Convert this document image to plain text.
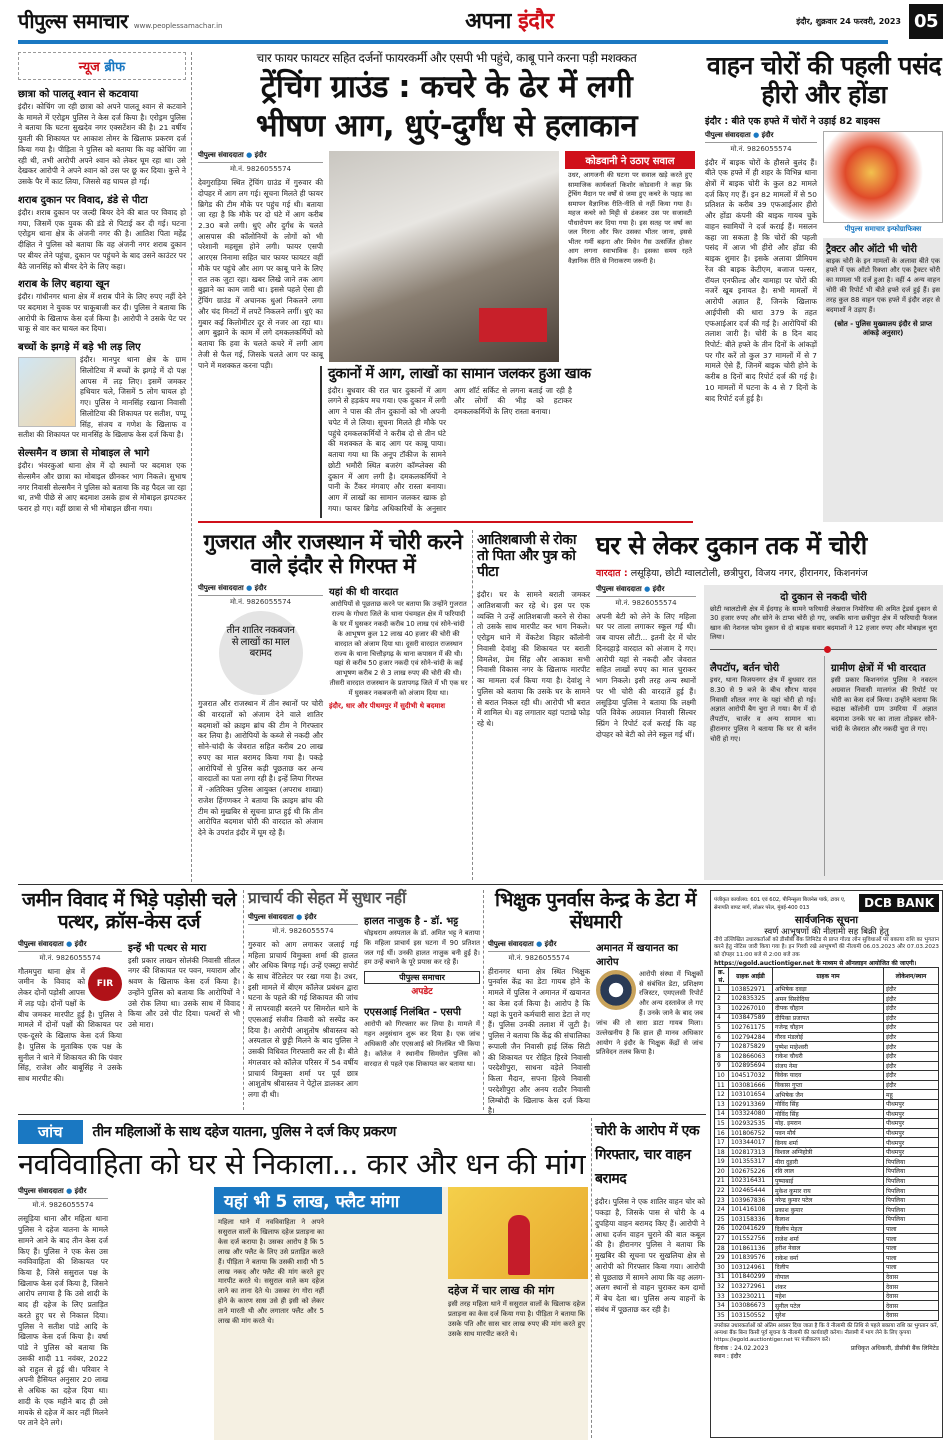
पीपुल्स समाचार www.peoplessamachar.in	अपना इंदौर	इंदौर, शुक्रवार 24 फरवरी, 2023 05
न्यूज ब्रीफ
छात्रा को पालतू श्वान से कटवाया
इंदौर। कोचिंग जा रही छात्रा को अपने पालतू श्वान से कटवाने के मामले में एरोड्रम पुलिस ने केस दर्ज किया है। एरोड्रम पुलिस ने बताया कि घटना सुखदेव नगर एक्सटेंशन की है। 21 वर्षीय युवती की शिकायत पर आकाश तोमर के खिलाफ प्रकरण दर्ज किया गया है। पीड़िता ने पुलिस को बताया कि वह कोचिंग जा रही थी, तभी आरोपी अपने श्वान को लेकर घूम रहा था। उसे देखकर आरोपी ने अपने श्वान को उस पर छू कर दिया। कुत्ते ने उसके पैर में काट लिया, जिससे वह घायल हो गई।
शराब दुकान पर विवाद, डंडे से पीटा
इंदौर। शराब दुकान पर जल्दी बियर देने की बात पर विवाद हो गया, जिसमें एक युवक की डंडे से पिटाई कर दी गई। घटना एरोड्रम थाना क्षेत्र के अंजनी नगर की है। आतिश पिता महेंद्र दीक्षित ने पुलिस को बताया कि वह अंजनी नगर शराब दुकान पर बीयर लेने पहुंचा, दुकान पर पहुंचने के बाद उसने काउंटर पर बैठे जानसिंह को बीयर देने के लिए कहा।
शराब के लिए बहाया खून
इंदौर। गांधीनगर थाना क्षेत्र में शराब पीने के लिए रुपए नहीं देने पर बदमाश ने युवक पर चाकूबाजी कर दी। पुलिस ने बताया कि आरोपी के खिलाफ केस दर्ज किया है। आरोपी ने उसके पेट पर चाकू से वार कर घायल कर दिया।
बच्चों के झगड़े में बड़े भी लड़ लिए
इंदौर। मानपुर थाना क्षेत्र के ग्राम सिलोटिया में बच्चों के झगड़े में दो पक्ष आपस में लड़ लिए। इसमें जमकर हथियार चले, जिसमें 5 लोग घायल हो गए। पुलिस ने मानसिंह रखाना निवासी सिलोटिया की शिकायत पर सतीश, पप्पू सिंह, संजय व गणेश के खिलाफ व सतीश की शिकायत पर मानसिंह के खिलाफ केस दर्ज किया है।
सेल्समैन व छात्रा से मोबाइल ले भागे
इंदौर। भंवरकुआं थाना क्षेत्र में दो स्थानों पर बदमाश एक सेल्समैन और छात्रा का मोबाइल छीनकर भाग निकले। सुभाष नगर निवासी सेल्समैन ने पुलिस को बताया कि वह पैदल जा रहा था, तभी पीछे से आए बदमाश उसके हाथ से मोबाइल झपटकर फरार हो गए। वहीं छात्रा से भी मोबाइल छीना गया।
चार फायर फायटर सहित दर्जनों फायरकर्मी और एसपी भी पहुंचे, काबू पाने करना पड़ी मशक्कत
ट्रेंचिंग ग्राउंड : कचरे के ढेर में लगी
भीषण आग, धुएं-दुर्गंध से हलाकान
पीपुल्स संवाददाता ● इंदौर
मो.नं. 9826055574
देवगुराड़िया स्थित ट्रेंचिंग ग्राउंड में गुरुवार की दोपहर में आग लग गई। सूचना मिलते ही फायर ब्रिगेड की टीम मौके पर पहुंच गई थी। बताया जा रहा है कि मौके पर दो घंटे में आग करीब 2.30 बजे लगी। धुएं और दुर्गंध के चलते आसपास की कॉलोनियों के लोगों को भी परेशानी महसूस होने लगी। फायर एसपी आरएस निनामा सहित चार फायर फायटर वहीं मौके पर पहुंचे और आग पर काबू पाने के लिए रात तक जुटा रहा। खबर लिखे जाने तक आग बुझाने का काम जारी था। इससे पहले ऐसा ही ट्रेंचिंग ग्राउंड में अचानक धुआं निकलने लगा और चंद मिनटों में लपटें निकलने लगीं। धुएं का गुबार कई किलोमीटर दूर से नजर आ रहा था। आग बुझाने के काम में लगे दमकलकर्मियों को बताया कि हवा के चलते कचरे में लगी आग तेजी से फैल गई, जिसके चलते आग पर काबू पाने में मशक्कत करना पड़ी।
कोडवानी ने उठाए सवाल
उधर, आगजनी की घटना पर सवाल खड़े करते हुए सामाजिक कार्यकर्ता किशोर कोडवानी ने कहा कि ट्रेंचिंग मैदान पर वर्षों से जमा हुए कचरे के पहाड़ का समापन वैज्ञानिक रीति-नीति से नहीं किया गया है। महज कचरे को मिट्टी से ढंककर उस पर सजावटी पौधारोपण कर दिया गया है। इस सतह पर वर्षा का जल गिरना और फिर उसका भीतर जाना, इससे भीतर गर्मी बढ़ना और मिथेन गैस उत्सर्जित होकर आग लगना स्वाभाविक है। इसका समय रहते वैज्ञानिक रीति से निराकरण जरूरी है।
दुकानों में आग, लाखों का सामान जलकर हुआ खाक
इंदौर। बुधवार की रात चार दुकानों में आग लगने से हड़कंप मच गया। एक दुकान में लगी आग ने पास की तीन दुकानों को भी अपनी चपेट में ले लिया। सूचना मिलते ही मौके पर पहुंचे दमकलकर्मियों ने करीब दो से तीन घंटे की मशक्कत के बाद आग पर काबू पाया। बताया गया था कि अनूप टॉकीज के सामने छोटी भमौरी स्थित बजरंग कॉम्प्लेक्स की दुकान में आग लगी है। दमकलकर्मियों ने पानी के टैंकर मंगवाए और रास्ता बनाया। आग में लाखों का सामान जलकर खाक हो गया। फायर ब्रिगेड अधिकारियों के अनुसार आग शॉर्ट सर्किट से लगना बताई जा रही है और लोगों की भीड़ को हटाकर दमकलकर्मियों के लिए रास्ता बनाया।
वाहन चोरों की पहली पसंद हीरो और होंडा
इंदौर : बीते एक हफ्ते में चोरों ने उड़ाई 82 बाइक्स
पीपुल्स संवाददाता ● इंदौर
मो.नं. 9826055574
इंदौर में बाइक चोरों के हौसले बुलंद हैं। बीते एक हफ्ते में ही शहर के विभिन्न थाना क्षेत्रों में बाइक चोरी के कुल 82 मामले दर्ज किए गए हैं। इन 82 मामलों में से 50 प्रतिशत के करीब 39 एफआईआर हीरो और होंडा कंपनी की बाइक गायब चुके वाहन स्वामियों ने दर्ज कराई हैं। मसलन कहा जा सकता है कि चोरों की पहली पसंद में आज भी हीरो और होंडा की बाइक शुमार है। इसके अलावा प्रीमियम रेंज की बाइक केटीएम, बजाज पल्सर, रॉयल एनफील्ड और यामाहा पर चोरों की नजरें खूब इनायत है। सभी मामलों में आरोपी अज्ञात हैं, जिनके खिलाफ आईपीसी की धारा 379 के तहत एफआईआर दर्ज की गई है। आरोपियों की तलाश जारी है। चोरी के 8 दिन बाद रिपोर्ट: बीते हफ्ते के तीन दिनों के आंकड़ों पर गौर करें तो कुल 37 मामलों में से 7 मामले ऐसे हैं, जिनमें बाइक चोरी होने के करीब 8 दिनों बाद रिपोर्ट दर्ज की गई है। 10 मामलों में घटना के 4 से 7 दिनों के बाद रिपोर्ट दर्ज हुई है।
पीपुल्स समाचार इन्फोग्राफिक्स
ट्रैक्टर और ऑटो भी चोरी
बाइक चोरी के इन मामलों के अलावा बीते एक हफ्ते में एक ऑटो रिक्शा और एक ट्रैक्टर चोरी का मामला भी दर्ज हुआ है। वहीं 4 अन्य वाहन चोरी की रिपोर्ट भी बीते हफ्ते दर्ज हुई हैं। इस तरह कुल 88 वाहन एक हफ्ते में इंदौर शहर से बदमाशों ने उड़ाए हैं।
(स्रोत - पुलिस मुख्यालय इंदौर से प्राप्त आंकड़े अनुसार)
गुजरात और राजस्थान में चोरी करने वाले इंदौर से गिरफ्त में
पीपुल्स संवाददाता ● इंदौर
मो.नं. 9826055574
तीन शातिर नकबजन से लाखों का माल बरामद
गुजरात और राजस्थान में तीन स्थानों पर चोरी की वारदातों को अंजाम देने वाले शातिर बदमाशों को क्राइम ब्रांच की टीम ने गिरफ्तार कर लिया है। आरोपियों के कब्जे से नकदी और सोने-चांदी के जेवरात सहित करीब 20 लाख रुपए का माल बरामद किया गया है। पकड़े आरोपियों से पुलिस कड़ी पूछताछ कर अन्य वारदातों का पता लगा रही है। इन्हें लिया गिरफ्त में -अतिरिक्त पुलिस आयुक्त (अपराध शाखा) राजेश हिंगणकर ने बताया कि क्राइम ब्रांच की टीम को मुखबिर से सूचना प्राप्त हुई थी कि तीन आरोपित बदमाश चोरी की वारदात को अंजाम देने के उपरांत इंदौर में घूम रहे हैं।
यहां की थी वारदात
आरोपियों से पूछताछ करने पर बताया कि उन्होंने गुजरात राज्य के गोधरा जिले के थाना पंचमहल क्षेत्र में फरियादी के घर में घुसकर नकदी करीब 10 लाख एवं सोने-चांदी के आभूषण कुल 12 लाख 40 हजार की चोरी की वारदात को अंजाम दिया था। दूसरी वारदात राजस्थान राज्य के थाना चित्तौड़गढ़ के थाना कपासन में की थी। यहां से करीब 50 हजार नकदी एवं सोने-चांदी के कई आभूषण करीब 2 से 3 लाख रुपए की चोरी की थी। तीसरी वारदात राजस्थान के प्रतापगढ़ जिले में भी एक घर में घुसकर नकबजनी को अंजाम दिया था।
इंदौर, धार और पीथमपुर में सुदीभी थे बदमाश
आतिशबाजी से रोका तो पिता और पुत्र को पीटा
इंदौर। घर के सामने बराती जमकर आतिशबाजी कर रहे थे। इस पर एक व्यक्ति ने उन्हें आतिशबाजी करने से रोका तो उसके साथ मारपीट कर भाग निकले। एरोड्रम थाने में वेंकटेश विहार कॉलोनी निवासी देवांशु की शिकायत पर बराती विमलेश, प्रेम सिंह और आकाश सभी निवासी विकास नगर के खिलाफ मारपीट का मामला दर्ज किया गया है। देवांशु ने पुलिस को बताया कि उसके घर के सामने से बरात निकल रही थी। आरोपी भी बरात में शामिल थे। वह लगातार यहां पटाखे फोड़ रहे थे।
घर से लेकर दुकान तक में चोरी
वारदात : लसूड़िया, छोटी ग्वालटोली, छत्रीपुरा, विजय नगर, हीरानगर, किशनगंज
पीपुल्स संवाददाता ● इंदौर
मो.नं. 9826055574
अपनी बेटी को लेने के लिए महिला घर पर ताला लगाकर स्कूल गई थी। जब वापस लौटी... इतनी देर में चोर दिनदहाड़े वारदात को अंजाम दे गए। आरोपी यहां से नकदी और जेवरात सहित लाखों रुपए का माल चुराकर भाग निकले। इसी तरह अन्य स्थानों पर भी चोरी की वारदातें हुई हैं। लसूड़िया पुलिस ने बताया कि लक्ष्मी पति विवेक अग्रवाल निवासी सिल्वर स्प्रिंग ने रिपोर्ट दर्ज कराई कि वह दोपहर को बेटी को लेने स्कूल गई थीं।
दो दुकान से नकदी चोरी
छोटी ग्वालटोली क्षेत्र में ईदगाह के सामने फरियादी लेखराज निमोरिया की अमित ट्रेडर्स दुकान से 30 हजार रुपए और सोने के टाप्स चोरी हो गए, जबकि थाना छत्रीपुरा क्षेत्र में फरियादी फैजल खान की नेशनल फोम दुकान से दो बाइक सवार बदमाशों ने 12 हजार रुपए और मोबाइल चुरा लिया।
लैपटॉप, बर्तन चोरी
इधर, थाना विजयनगर क्षेत्र में बुधवार रात 8.30 से 9 बजे के बीच सौरभ यादव निवासी शीतल नगर के यहां चोरी हो गई। अज्ञात आरोपी बैग चुरा ले गया। बैग में दो लैपटॉप, चार्जर व अन्य सामान था। हीरानगर पुलिस ने बताया कि घर से बर्तन चोरी हो गए।
ग्रामीण क्षेत्रों में भी वारदात
इसी प्रकार किशनगंज पुलिस ने नवरत्न अग्रवाल निवासी मालगंज की रिपोर्ट पर चोरी का केस दर्ज किया। उन्होंने बताया कि रुद्राक्ष कॉलोनी ग्राम उमरिया में अज्ञात बदमाश उनके घर का ताला तोड़कर सोने-चांदी के जेवरात और नकदी चुरा ले गए।
जमीन विवाद में भिड़े पड़ोसी चले पत्थर, क्रॉस-केस दर्ज
पीपुल्स संवाददाता ● इंदौर
मो.नं. 9826055574
FIR
गौतमपुरा थाना क्षेत्र में जमीन के विवाद को लेकर दोनों पड़ोसी आपस में लड़ पड़े। दोनों पक्षों के बीच जमकर मारपीट हुई है। पुलिस ने मामले में दोनों पक्षों की शिकायत पर एक-दूसरे के खिलाफ केस दर्ज किया है। पुलिस के मुताबिक एक पक्ष के सुनील ने थाने में शिकायत की कि पंवार सिंह, राजेश और बाबूसिंह ने उसके साथ मारपीट की।
इन्हें भी पत्थर से मारा
इसी प्रकार लाखन सोलंकी निवासी सीतल नगर की शिकायत पर पवन, मयाराम और श्रवण के खिलाफ केस दर्ज किया है। उन्होंने पुलिस को बताया कि आरोपियों ने उसे रोक लिया था। उसके साथ में विवाद किया और उसे पीट दिया। पत्थरों से भी उसे मारा।
प्राचार्य की सेहत में सुधार नहीं
पीपुल्स संवाददाता ● इंदौर
मो.नं. 9826055574
गुरुवार को आग लगाकर जलाई गई महिला प्राचार्य विमुक्ता शर्मा की हालत और अधिक बिगड़ गई। उन्हें एक्स्ट्रा सपोर्ट के साथ वेंटिलेटर पर रखा गया है। उधर, इसी मामले में बीएम कॉलेज प्रबंधन द्वारा घटना के पहले की गई शिकायत की जांच में लापरवाही बरतने पर सिमरोल थाने के एएसआई संजीव तिवारी को सस्पेंड कर दिया है। आरोपी आशुतोष श्रीवास्तव को अस्पताल से छुट्टी मिलने के बाद पुलिस ने उसकी विधिवत गिरफ्तारी कर ली है। बीते मंगलवार को कॉलेज परिसर में 54 वर्षीय प्राचार्य विमुक्ता शर्मा पर पूर्व छात्र आशुतोष श्रीवास्तव ने पेट्रोल डालकर आग लगा दी थी।
हालत नाजुक है - डॉ. भट्ट
चोइथराम अस्पताल के डॉ. अमित भट्ट ने बताया कि महिला प्राचार्य इस घटना में 90 प्रतिशत जल गई थीं। उनकी हालत नाजुक बनी हुई है। हम उन्हें बचाने के पूरे प्रयास कर रहे हैं।
पीपुल्स समाचार
अपडेट
एएसआई निलंबित - एसपी
आरोपी को गिरफ्तार कर लिया है। मामले में गहन अनुसंधान शुरू कर दिया है। एक जांच अधिकारी और एएसआई को निलंबित भी किया है। कॉलेज ने स्थानीय सिमरोल पुलिस को वारदात से पहले एक शिकायत कर बताया था।
भिक्षुक पुनर्वास केन्द्र के डेटा में सेंधमारी
पीपुल्स संवाददाता ● इंदौर
मो.नं. 9826055574
हीरानगर थाना क्षेत्र स्थित भिक्षुक पुनर्वास केंद्र का डेटा गायब होने के मामले में पुलिस ने अमानत में खयानत का केस दर्ज किया है। आरोप है कि यहां के पुराने कर्मचारी सारा डेटा ले गए हैं। पुलिस उनकी तलाश में जुटी है। पुलिस ने बताया कि केंद्र की संचालिका रूपाली जैन निवासी हाई लिंक सिटी की शिकायत पर रोहित हिरवे निवासी परदेशीपुरा, साधना वड़ेले निवासी किला मैदान, सपना हिरवे निवासी परदेशीपुरा और अनय राठौर निवासी लिम्बोदी के खिलाफ केस दर्ज किया है।
अमानत में खयानत का आरोप
आरोपी संस्था में भिक्षुकों से संबंधित डेटा, प्रशिक्षण रजिस्टर, एमएलसी रिपोर्ट और अन्य दस्तावेज ले गए हैं। उनके जाने के बाद जब जांच की तो सारा डाटा गायब मिला। उल्लेखनीय है कि हाल ही मानव अधिकार आयोग ने इंदौर के भिक्षुक केंद्रों से जांच प्रतिवेदन तलब किया है।
पंजीकृत कार्यालय: 601 एवं 602, पीनिन्सुला बिजनेस पार्क, टावर ए, सेनापति बापट मार्ग, लोअर परेल, मुंबई-400 013	DCB BANK
सार्वजनिक सूचना
स्वर्ण आभूषणों की नीलामी सह बिक्री हेतु
नीचे उल्लिखित उधारकर्ताओं को डीसीबी बैंक लिमिटेड से प्राप्त गोल्ड लोन सुविधाओं पर बकाया राशि का भुगतान करने हेतु नोटिस जारी किया गया है। इन गिरवी रखे आभूषणों की नीलामी 06.03.2023 और 07.03.2023 को दोपहर 11:00 बजे से 2:00 बजे तक
https://egold.auctiontiger.net के माध्यम से ऑनलाइन आयोजित की जाएगी।
क्र. सं.	ग्राहक आईडी	ग्राहक नाम	लोकेशन/स्थान
1	103852971	अभिषेक दवड़ा	इंदौर
2	102835325	अमन सिसोदिया	इंदौर
3	102267010	दीपक चौहान	इंदौर
4	103847589	दीपिका प्रजापत	इंदौर
5	102761175	गजेन्द्र चौहान	इंदौर
6	102794284	गौरव मंडलोई	इंदौर
7	102875829	पुष्पेश माहेश्वरी	इंदौर
8	102866063	राकेश चौधरी	इंदौर
9	102895694	संजय नेमा	इंदौर
10	104517032	विवेक यादव	इंदौर
11	103081666	विकास गुप्ता	इंदौर
12	103101654	अभिषेक जैन	महू
13	102913369	गोविंद सिंह	पीथमपुर
14	103324080	गोविंद सिंह	पीथमपुर
15	102932535	मोह. इमरान	पीथमपुर
16	101806752	पवन मौर्य	पीथमपुर
17	103344017	विनय शर्मा	पीथमपुर
18	102817313	विशाल अग्निहोत्री	पीथमपुर
19	101355317	मीरा दुहारी	पिपलिया
20	102675226	रवि लाल	पिपलिया
21	102316431	पुष्पाबाई	पिपलिया
22	102465444	मुकेश कुमार राय	पिपलिया
23	103967836	नरेन्द्र कुमार पटेल	पिपलिया
24	101416108	प्रकाश कुमार	पिपलिया
25	103158336	कैलाश	पिपलिया
26	102041629	दिलीप मेहता	पाला
27	101552756	राजेश शर्मा	पाला
28	101861136	हरीश नेवाल	पाला
29	101839576	राकेश वर्मा	पाला
30	103124961	दिलीप	पाला
31	101840299	गोपाल	देवास
32	103272961	शंकर	देवास
33	103230211	महेश	देवास
34	103086673	सुनील पटेल	देवास
35	103150552	सुरेश	देवास
उपरोक्त उधारकर्ताओं को अंतिम अवसर दिया जाता है कि वे नीलामी की तिथि से पहले बकाया राशि का भुगतान करें, अन्यथा बैंक बिना किसी पूर्व सूचना के नीलामी की कार्यवाही करेगा। नीलामी में भाग लेने के लिए कृपया https://egold.auctiontiger.net पर पंजीकरण करें।
दिनांक : 24.02.2023
स्थान : इंदौर
प्राधिकृत अधिकारी, डीसीबी बैंक लिमिटेड
जांच	तीन महिलाओं के साथ दहेज यातना, पुलिस ने दर्ज किए प्रकरण
नवविवाहिता को घर से निकाला... कार और धन की मांग
पीपुल्स संवाददाता ● इंदौर
मो.नं. 9826055574
लसूड़िया थाना और महिला थाना पुलिस ने दहेज यातना के मामले सामने आने के बाद तीन केस दर्ज किए हैं। पुलिस ने एक केस उस नवविवाहिता की शिकायत पर किया है, जिसे ससुराल पक्ष के खिलाफ केस दर्ज किया है, जिसने आरोप लगाया है कि उसे शादी के बाद ही दहेज के लिए प्रताड़ित करते हुए घर से निकाल दिया। पुलिस ने सतीश पांडे आदि के खिलाफ केस दर्ज किया है। वर्षा पांडे ने पुलिस को बताया कि उसकी शादी 11 नवंबर, 2022 को राहुल से हुई थी। परिवार ने अपनी हैसियत अनुसार 20 लाख से अधिक का दहेज दिया था। शादी के एक महीने बाद ही उसे मायके से दहेज में कार नहीं मिलने पर ताने देने लगे।
यहां भी 5 लाख, फ्लैट मांगा
महिला थाने में नवविवाहिता ने अपने ससुराल वालों के खिलाफ दहेज प्रताड़ना का केस दर्ज कराया है। उसका आरोप है कि 5 लाख और फ्लैट के लिए उसे प्रताड़ित करते हैं। पीड़िता ने बताया कि उसकी शादी भी 5 लाख नकद और फ्लैट की मांग करते हुए मारपीट करते थे। ससुराल वाले कम दहेज लाने का ताना देते थे। उसका रंग गोरा नहीं होने के कारण सास उसे ही इसी को लेकर ताने मारती थी और लगातार फ्लैट और 5 लाख की मांग करते थे।
दहेज में चार लाख की मांग
इसी तरह महिला थाने में ससुराल वालों के खिलाफ दहेज प्रताड़ना का केस दर्ज किया गया है। पीड़िता ने बताया कि उसके पति और सास चार लाख रुपए की मांग करते हुए उसके साथ मारपीट करते थे।
चोरी के आरोप में एक गिरफ्तार, चार वाहन बरामद
इंदौर। पुलिस ने एक शातिर वाहन चोर को पकड़ा है, जिसके पास से चोरी के 4 दुपहिया वाहन बरामद किए हैं। आरोपी ने आधा दर्जन वाहन चुराने की बात कबूल की है। हीरानगर पुलिस ने बताया कि मुखबिर की सूचना पर सुखलिया क्षेत्र से आरोपी को गिरफ्तार किया गया। आरोपी से पूछताछ में सामने आया कि वह अलग-अलग स्थानों से वाहन चुराकर कम दामों में बेच देता था। पुलिस अन्य वाहनों के संबंध में पूछताछ कर रही है।
